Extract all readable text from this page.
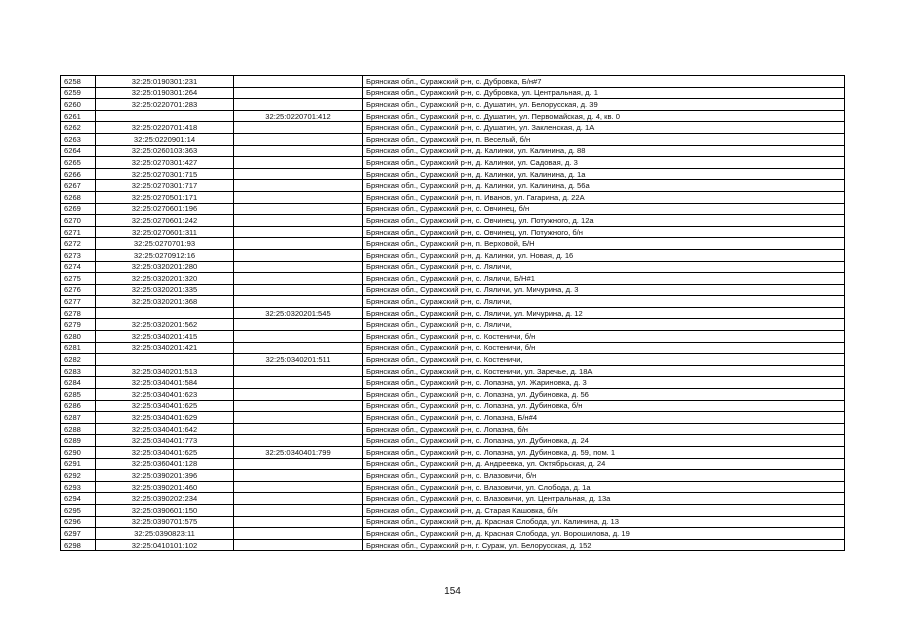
6258	32:25:0190301:231		Брянская обл., Суражский р-н, с. Дубровка, Б/н#7
6259	32:25:0190301:264		Брянская обл., Суражский р-н, с. Дубровка, ул. Центральная, д. 1
6260	32:25:0220701:283		Брянская обл., Суражский р-н, с. Душатин, ул. Белорусская, д. 39
6261		32:25:0220701:412	Брянская обл., Суражский р-н, с. Душатин, ул. Первомайская, д. 4, кв. 0
6262	32:25:0220701:418		Брянская обл., Суражский р-н, с. Душатин, ул. Закленская, д. 1А
6263	32:25:0220901:14		Брянская обл., Суражский р-н, п. Веселый, б/н
6264	32:25:0260103:363		Брянская обл., Суражский р-н, д. Калинки, ул. Калинина, д. 88
6265	32:25:0270301:427		Брянская обл., Суражский р-н, д. Калинки, ул. Садовая, д. 3
6266	32:25:0270301:715		Брянская обл., Суражский р-н, д. Калинки, ул. Калинина, д. 1а
6267	32:25:0270301:717		Брянская обл., Суражский р-н, д. Калинки, ул. Калинина, д. 56а
6268	32:25:0270501:171		Брянская обл., Суражский р-н, п. Иванов, ул. Гагарина, д. 22А
6269	32:25:0270601:196		Брянская обл., Суражский р-н, с. Овчинец, б/н
6270	32:25:0270601:242		Брянская обл., Суражский р-н, с. Овчинец, ул. Потужного, д. 12а
6271	32:25:0270601:311		Брянская обл., Суражский р-н, с. Овчинец, ул. Потужного, б/н
6272	32:25:0270701:93		Брянская обл., Суражский р-н, п. Верховой, Б/Н
6273	32:25:0270912:16		Брянская обл., Суражский р-н, д. Калинки, ул. Новая, д. 16
6274	32:25:0320201:280		Брянская обл., Суражский р-н, с. Ляличи,
6275	32:25:0320201:320		Брянская обл., Суражский р-н, с. Ляличи, Б/Н#1
6276	32:25:0320201:335		Брянская обл., Суражский р-н, с. Ляличи, ул. Мичурина, д. 3
6277	32:25:0320201:368		Брянская обл., Суражский р-н, с. Ляличи,
6278		32:25:0320201:545	Брянская обл., Суражский р-н, с. Ляличи, ул. Мичурина, д. 12
6279	32:25:0320201:562		Брянская обл., Суражский р-н, с. Ляличи,
6280	32:25:0340201:415		Брянская обл., Суражский р-н, с. Костеничи, б/н
6281	32:25:0340201:421		Брянская обл., Суражский р-н, с. Костеничи, б/н
6282		32:25:0340201:511	Брянская обл., Суражский р-н, с. Костеничи,
6283	32:25:0340201:513		Брянская обл., Суражский р-н, с. Костеничи, ул. Заречье, д. 18А
6284	32:25:0340401:584		Брянская обл., Суражский р-н, с. Лопазна, ул. Жариновка, д. 3
6285	32:25:0340401:623		Брянская обл., Суражский р-н, с. Лопазна, ул. Дубиновка, д. 56
6286	32:25:0340401:625		Брянская обл., Суражский р-н, с. Лопазна, ул. Дубиновка, б/н
6287	32:25:0340401:629		Брянская обл., Суражский р-н, с. Лопазна, Б/н#4
6288	32:25:0340401:642		Брянская обл., Суражский р-н, с. Лопазна, б/н
6289	32:25:0340401:773		Брянская обл., Суражский р-н, с. Лопазна, ул. Дубиновка, д. 24
6290	32:25:0340401:625	32:25:0340401:799	Брянская обл., Суражский р-н, с. Лопазна, ул. Дубиновка, д. 59, пом. 1
6291	32:25:0360401:128		Брянская обл., Суражский р-н, д. Андреевка, ул. Октябрьская, д. 24
6292	32:25:0390201:396		Брянская обл., Суражский р-н, с. Влазовичи, б/н
6293	32:25:0390201:460		Брянская обл., Суражский р-н, с. Влазовичи, ул. Слобода, д. 1а
6294	32:25:0390202:234		Брянская обл., Суражский р-н, с. Влазовичи, ул. Центральная, д. 13а
6295	32:25:0390601:150		Брянская обл., Суражский р-н, д. Старая Кашовка, б/н
6296	32:25:0390701:575		Брянская обл., Суражский р-н, д. Красная Слобода, ул. Калинина, д. 13
6297	32:25:0390823:11		Брянская обл., Суражский р-н, д. Красная Слобода, ул. Ворошилова, д. 19
6298	32:25:0410101:102		Брянская обл., Суражский р-н, г. Сураж, ул. Белорусская, д. 152
154
